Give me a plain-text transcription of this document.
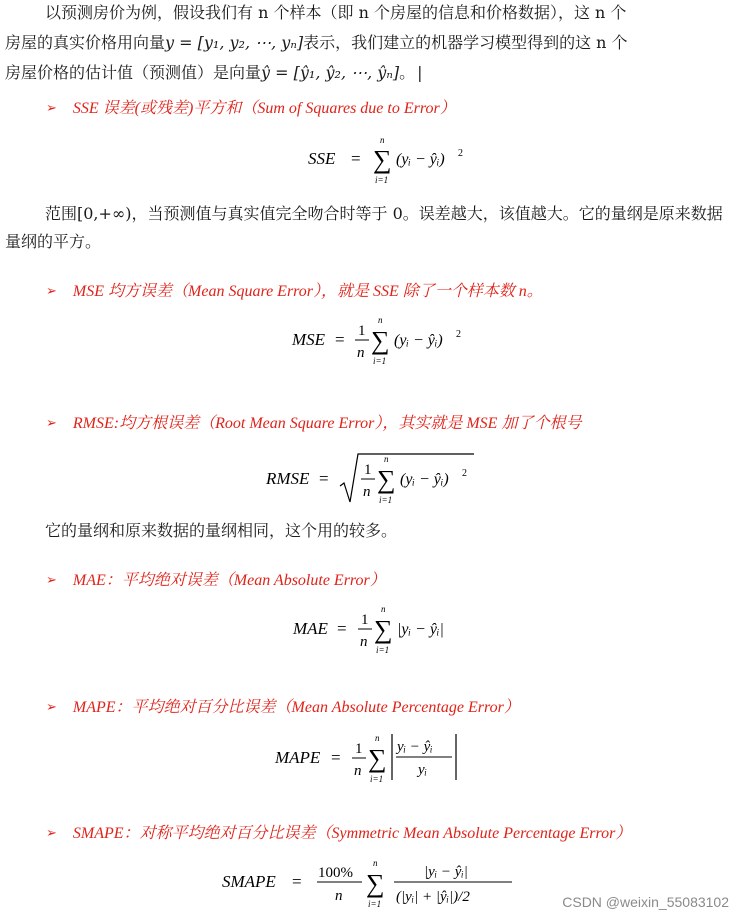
以预测房价为例，假设我们有 n 个样本（即 n 个房屋的信息和价格数据），这 n 个
房屋的真实价格用向量y = [y₁, y₂, ⋯, yₙ]表示，我们建立的机器学习模型得到的这 n 个
房屋价格的估计值（预测值）是向量ŷ = [ŷ₁, ŷ₂, ⋯, ŷₙ]。 |
➢ SSE 误差(或残差)平方和（Sum of Squares due to Error）
SSE = ∑
n
i=1
(yᵢ − ŷᵢ) 2
范围[0,+∞)，当预测值与真实值完全吻合时等于 0。误差越大，该值越大。它的量纲是原来数据量纲的平方。
➢ MSE 均方误差（Mean Square Error），就是 SSE 除了一个样本数 n。
MSE = 1
n ∑
n
i=1
(yᵢ − ŷᵢ) 2
➢ RMSE:均方根误差（Root Mean Square Error），其实就是 MSE 加了个根号
RMSE = 1
n ∑
n
i=1
(yᵢ − ŷᵢ) 2
它的量纲和原来数据的量纲相同，这个用的较多。
➢ MAE：平均绝对误差（Mean Absolute Error）
MAE = 1
n ∑
n
i=1
|yᵢ − ŷᵢ|
➢ MAPE：平均绝对百分比误差（Mean Absolute Percentage Error）
MAPE = 1
n ∑
n
i=1
yᵢ − ŷᵢ
yᵢ
➢ SMAPE：对称平均绝对百分比误差（Symmetric Mean Absolute Percentage Error）
SMAPE = 100%
n ∑
n
i=1
|yᵢ − ŷᵢ|
(|yᵢ| + |ŷᵢ|)/2	CSDN @weixin_55083102
